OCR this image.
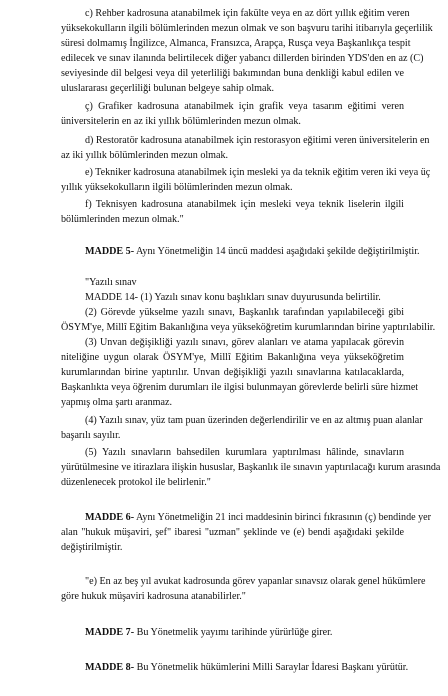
c) Rehber kadrosuna atanabilmek için fakülte veya en az dört yıllık eğitim veren
yüksekokulların ilgili bölümlerinden mezun olmak ve son başvuru tarihi itibarıyla geçerlilik
süresi dolmamış İngilizce, Almanca, Fransızca, Arapça, Rusça veya Başkanlıkça tespit
edilecek ve sınav ilanında belirtilecek diğer yabancı dillerden birinden YDS'den en az (C)
seviyesinde dil belgesi veya dil yeterliliği bakımından buna denkliği kabul edilen ve
uluslararası geçerliliği bulunan belgeye sahip olmak.
ç) Grafiker kadrosuna atanabilmek için grafik veya tasarım eğitimi veren
üniversitelerin en az iki yıllık bölümlerinden mezun olmak.
d) Restoratör kadrosuna atanabilmek için restorasyon eğitimi veren üniversitelerin en
az iki yıllık bölümlerinden mezun olmak.
e) Tekniker kadrosuna atanabilmek için mesleki ya da teknik eğitim veren iki veya üç
yıllık yüksekokulların ilgili bölümlerinden mezun olmak.
f) Teknisyen kadrosuna atanabilmek için mesleki veya teknik liselerin ilgili
bölümlerinden mezun olmak."
MADDE 5- Aynı Yönetmeliğin 14 üncü maddesi aşağıdaki şekilde değiştirilmiştir.
"Yazılı sınav
MADDE 14- (1) Yazılı sınav konu başlıkları sınav duyurusunda belirtilir.
(2) Görevde yükselme yazılı sınavı, Başkanlık tarafından yapılabileceği gibi
ÖSYM'ye, Millî Eğitim Bakanlığına veya yükseköğretim kurumlarından birine yaptırılabilir.
(3) Unvan değişikliği yazılı sınavı, görev alanları ve atama yapılacak görevin
niteliğine uygun olarak ÖSYM'ye, Millî Eğitim Bakanlığına veya yükseköğretim
kurumlarından birine yaptırılır. Unvan değişikliği yazılı sınavlarına katılacaklarda,
Başkanlıkta veya öğrenim durumları ile ilgisi bulunmayan görevlerde belirli süre hizmet
yapmış olma şartı aranmaz.
(4) Yazılı sınav, yüz tam puan üzerinden değerlendirilir ve en az altmış puan alanlar
başarılı sayılır.
(5) Yazılı sınavların bahsedilen kurumlara yaptırılması hâlinde, sınavların
yürütülmesine ve itirazlara ilişkin hususlar, Başkanlık ile sınavın yaptırılacağı kurum arasında
düzenlenecek protokol ile belirlenir."
MADDE 6- Aynı Yönetmeliğin 21 inci maddesinin birinci fıkrasının (ç) bendinde yer
alan "hukuk müşaviri, şef" ibaresi "uzman" şeklinde ve (e) bendi aşağıdaki şekilde
değiştirilmiştir.
"e) En az beş yıl avukat kadrosunda görev yapanlar sınavsız olarak genel hükümlere
göre hukuk müşaviri kadrosuna atanabilirler."
MADDE 7- Bu Yönetmelik yayımı tarihinde yürürlüğe girer.
MADDE 8- Bu Yönetmelik hükümlerini Milli Saraylar İdaresi Başkanı yürütür.
